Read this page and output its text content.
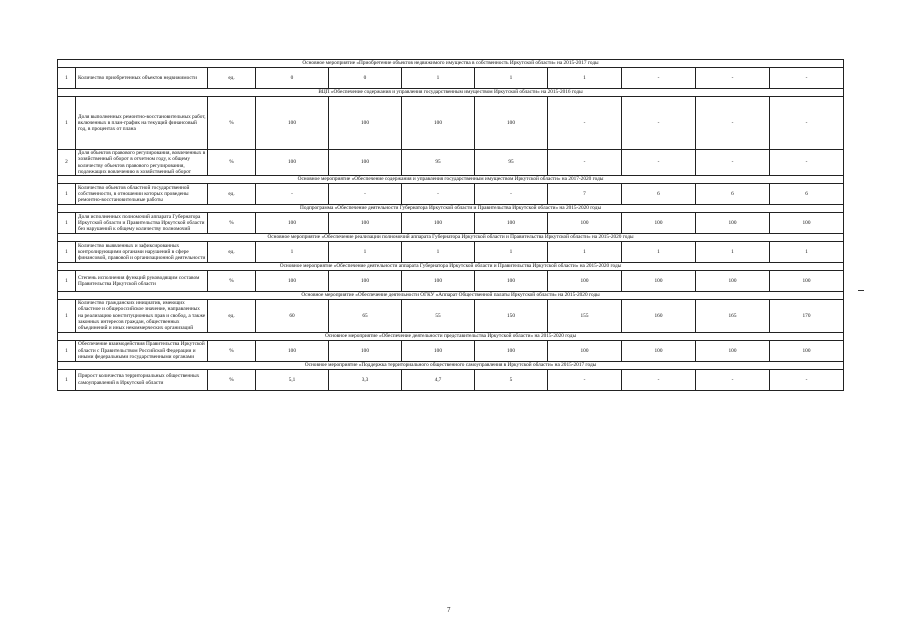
Основное мероприятие «Приобретение объектов недвижимого имущества в собственность Иркутской области» на 2015-2017 годы										
1	Количество приобретенных объектов недвижимости	ед.	0	0	1	1	1	-	-	-
ВЦП «Обеспечение содержания и управления государственным имуществом Иркутской области» на 2015-2016 годы										
1	Доля выполненных ремонтно-восстановительных работ, включенных в план-график на текущий финансовый год, в процентах от плана	%	100	100	100	100	-	-	-	-
2	Доля объектов правового регулирования, вовлеченных в хозяйственный оборот в отчетном году, к общему количеству объектов правового регулирования, подлежащих вовлечению в хозяйственный оборот	%	100	100	95	95	-	-	-	-
Основное мероприятие «Обеспечение содержания и управления государственным имуществом Иркутской области» на 2017-2020 годы										
1	Количество объектов областной государственной собственности, в отношении которых проведены ремонтно-восстановительные работы	ед.	-	-	-	-	7	6	6	6
Подпрограмма «Обеспечение деятельности Губернатора Иркутской области и Правительства Иркутской области» на 2015-2020 годы										
1	Доля исполненных полномочий аппарата Губернатора Иркутской области и Правительства Иркутской области без нарушений к общему количеству полномочий	%	100	100	100	100	100	100	100	100
Основное мероприятие «Обеспечение реализации полномочий аппарата Губернатора Иркутской области и Правительства Иркутской области» на 2015-2020 годы										
1	Количество выявленных и зафиксированных контролирующими органами нарушений в сфере финансовой, правовой и организационной деятельности	ед.	1	1	1	1	1	1	1	1
Основное мероприятие «Обеспечение деятельности аппарата Губернатора Иркутской области и Правительства Иркутской области» на 2015-2020 годы										
1	Степень исполнения функций руководящим составом Правительства Иркутской области	%	100	100	100	100	100	100	100	100
Основное мероприятие «Обеспечение деятельности ОГКУ «Аппарат Общественной палаты Иркутской области» на 2015-2020 годы										
1	Количество гражданских инициатив, имеющих областное и общероссийское значение, направленных на реализацию конституционных прав и свобод, а также законных интересов граждан, общественных объединений и иных некоммерческих организаций	ед.	60	65	55	150	155	160	165	170
Основное мероприятие «Обеспечение деятельности представительства Иркутской области» на 2015-2020 годы										
1	Обеспечение взаимодействия Правительства Иркутской области с Правительством Российской Федерации и иными федеральными государственными органами	%	100	100	100	100	100	100	100	100
Основное мероприятие «Поддержка территориального общественного самоуправления в Иркутской области» на 2015-2017 годы										
1	Прирост количества территориальных общественных самоуправлений в Иркутской области	%	5,1	3,3	4,7	5	-	-	-	-
7
